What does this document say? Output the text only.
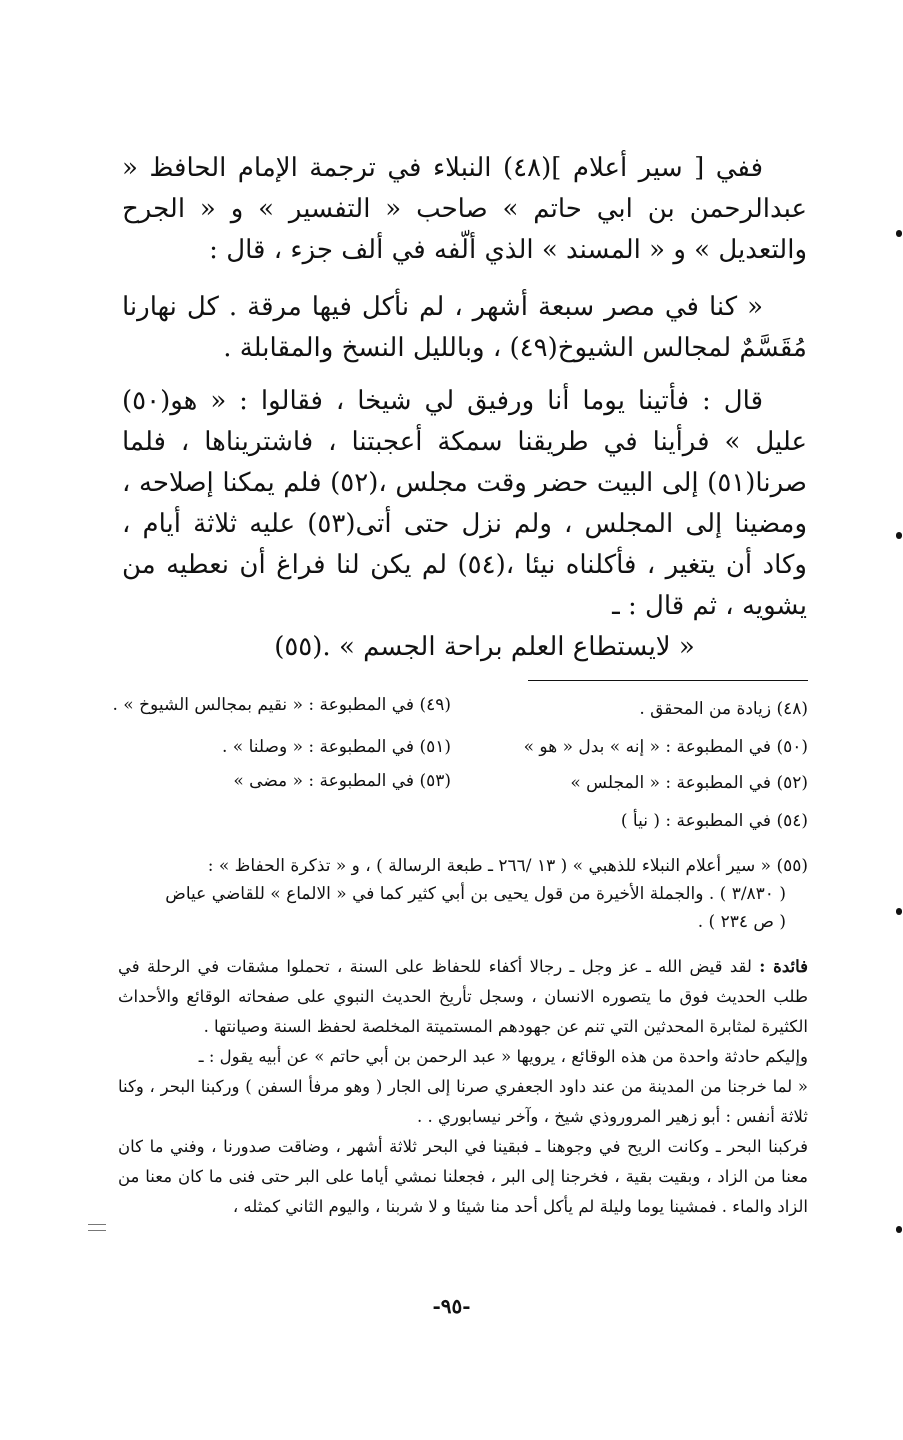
ففي [ سير أعلام ](٤٨) النبلاء في ترجمة الإمام الحافظ « عبدالرحمن بن ابي حاتم » صاحب « التفسير » و « الجرح والتعديل » و « المسند » الذي ألّفه في ألف جزء ، قال :

« كنا في مصر سبعة أشهر ، لم نأكل فيها مرقة . كل نهارنا مُقَسَّمٌ لمجالس الشيوخ(٤٩) ، وبالليل النسخ والمقابلة .

قال : فأتينا يوما أنا ورفيق لي شيخا ، فقالوا : « هو(٥٠) عليل » فرأينا في طريقنا سمكة أعجبتنا ، فاشتريناها ، فلما صرنا(٥١) إلى البيت حضر وقت مجلس ،(٥٢) فلم يمكنا إصلاحه ، ومضينا إلى المجلس ، ولم نزل حتى أتى(٥٣) عليه ثلاثة أيام ، وكاد أن يتغير ، فأكلناه نيئا ،(٥٤) لم يكن لنا فراغ أن نعطيه من يشويه ، ثم قال : ـ

« لايستطاع العلم براحة الجسم » .(٥٥)

(٤٨) زيادة من المحقق .
(٤٩) في المطبوعة : « نقيم بمجالس الشيوخ » .
(٥٠) في المطبوعة : « إنه » بدل « هو »
(٥١) في المطبوعة : « وصلنا » .
(٥٢) في المطبوعة : « المجلس »
(٥٣) في المطبوعة : « مضى »
(٥٤) في المطبوعة : ( نيأ )

(٥٥) « سير أعلام النبلاء للذهبي » ( ١٣ /٢٦٦ ـ طبعة الرسالة ) ، و « تذكرة الحفاظ » :

( ٣/٨٣٠ ) . والجملة الأخيرة من قول يحيى بن أبي كثير كما في « الالماع » للقاضي عياض

( ص ٢٣٤ ) .

فائدة : لقد قيض الله ـ عز وجل ـ رجالا أكفاء للحفاظ على السنة ، تحملوا مشقات في الرحلة في طلب الحديث فوق ما يتصوره الانسان ، وسجل تأريخ الحديث النبوي على صفحاته الوقائع والأحداث الكثيرة لمثابرة المحدثين التي تنم عن جهودهم المستميتة المخلصة لحفظ السنة وصيانتها .

وإليكم حادثة واحدة من هذه الوقائع ، يرويها « عبد الرحمن بن أبي حاتم » عن أبيه يقول : ـ

« لما خرجنا من المدينة من عند داود الجعفري صرنا إلى الجار ( وهو مرفأ السفن ) وركبنا البحر ، وكنا ثلاثة أنفس : أبو زهير المروروذي شيخ ، وآخر نيسابوري . .

فركبنا البحر ـ وكانت الريح في وجوهنا ـ فبقينا في البحر ثلاثة أشهر ، وضاقت صدورنا ، وفني ما كان معنا من الزاد ، وبقيت بقية ، فخرجنا إلى البر ، فجعلنا نمشي أياما على البر حتى فنى ما كان معنا من الزاد والماء . فمشينا يوما وليلة لم يأكل أحد منا شيئا و لا شربنا ، واليوم الثاني كمثله ،

-٩٥-
